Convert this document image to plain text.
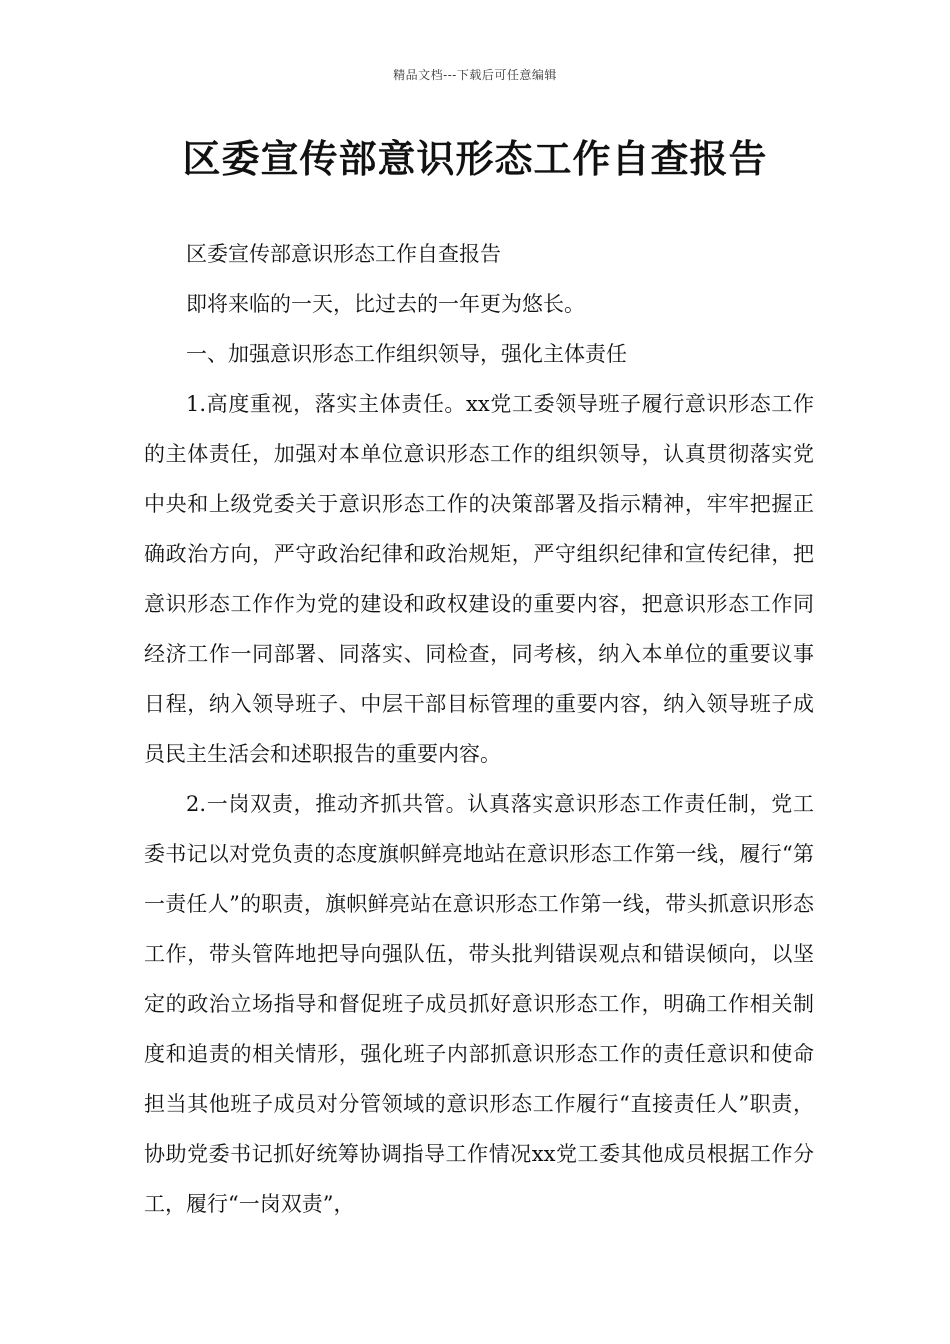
精品文档---下载后可任意编辑
区委宣传部意识形态工作自查报告

区委宣传部意识形态工作自查报告

即将来临的一天，比过去的一年更为悠长。

一、加强意识形态工作组织领导，强化主体责任

1.高度重视，落实主体责任。xx党工委领导班子履行意识形态工作的主体责任，加强对本单位意识形态工作的组织领导，认真贯彻落实党中央和上级党委关于意识形态工作的决策部署及指示精神，牢牢把握正确政治方向，严守政治纪律和政治规矩，严守组织纪律和宣传纪律，把意识形态工作作为党的建设和政权建设的重要内容，把意识形态工作同经济工作一同部署、同落实、同检查，同考核，纳入本单位的重要议事日程，纳入领导班子、中层干部目标管理的重要内容，纳入领导班子成员民主生活会和述职报告的重要内容。

2.一岗双责，推动齐抓共管。认真落实意识形态工作责任制，党工委书记以对党负责的态度旗帜鲜亮地站在意识形态工作第一线，履行“第一责任人”的职责，旗帜鲜亮站在意识形态工作第一线，带头抓意识形态工作，带头管阵地把导向强队伍，带头批判错误观点和错误倾向，以坚定的政治立场指导和督促班子成员抓好意识形态工作，明确工作相关制度和追责的相关情形，强化班子内部抓意识形态工作的责任意识和使命担当其他班子成员对分管领域的意识形态工作履行“直接责任人”职责，协助党委书记抓好统筹协调指导工作情况xx党工委其他成员根据工作分工，履行“一岗双责”，
